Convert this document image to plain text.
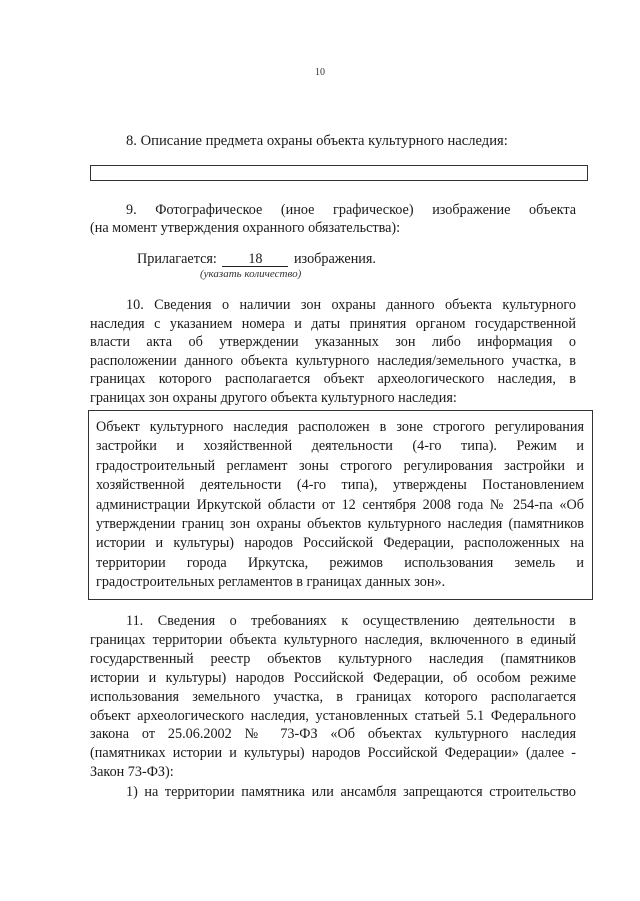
10
8. Описание предмета охраны объекта культурного наследия:
9. Фотографическое (иное графическое) изображение объекта
(на момент утверждения охранного обязательства):
Прилагается: 18 изображения.
(указать количество)

10. Сведения о наличии зон охраны данного объекта культурного

наследия с указанием номера и даты принятия органом государственной

власти акта об утверждении указанных зон либо информация о

расположении данного объекта культурного наследия/земельного участка, в

границах которого располагается объект археологического наследия, в

границах зон охраны другого объекта культурного наследия:

Объект культурного наследия расположен в зоне строгого регулирования

застройки и хозяйственной деятельности (4-го типа). Режим и

градостроительный регламент зоны строгого регулирования застройки и

хозяйственной деятельности (4-го типа), утверждены Постановлением

администрации Иркутской области от 12 сентября 2008 года № 254-па «Об

утверждении границ зон охраны объектов культурного наследия (памятников

истории и культуры) народов Российской Федерации, расположенных на

территории города Иркутска, режимов использования земель и

градостроительных регламентов в границах данных зон».

11. Сведения о требованиях к осуществлению деятельности в

границах территории объекта культурного наследия, включенного в единый

государственный реестр объектов культурного наследия (памятников

истории и культуры) народов Российской Федерации, об особом режиме

использования земельного участка, в границах которого располагается

объект археологического наследия, установленных статьей 5.1 Федерального

закона от 25.06.2002 № 73-ФЗ «Об объектах культурного наследия

(памятниках истории и культуры) народов Российской Федерации» (далее -

Закон 73-ФЗ):

1) на территории памятника или ансамбля запрещаются строительство
